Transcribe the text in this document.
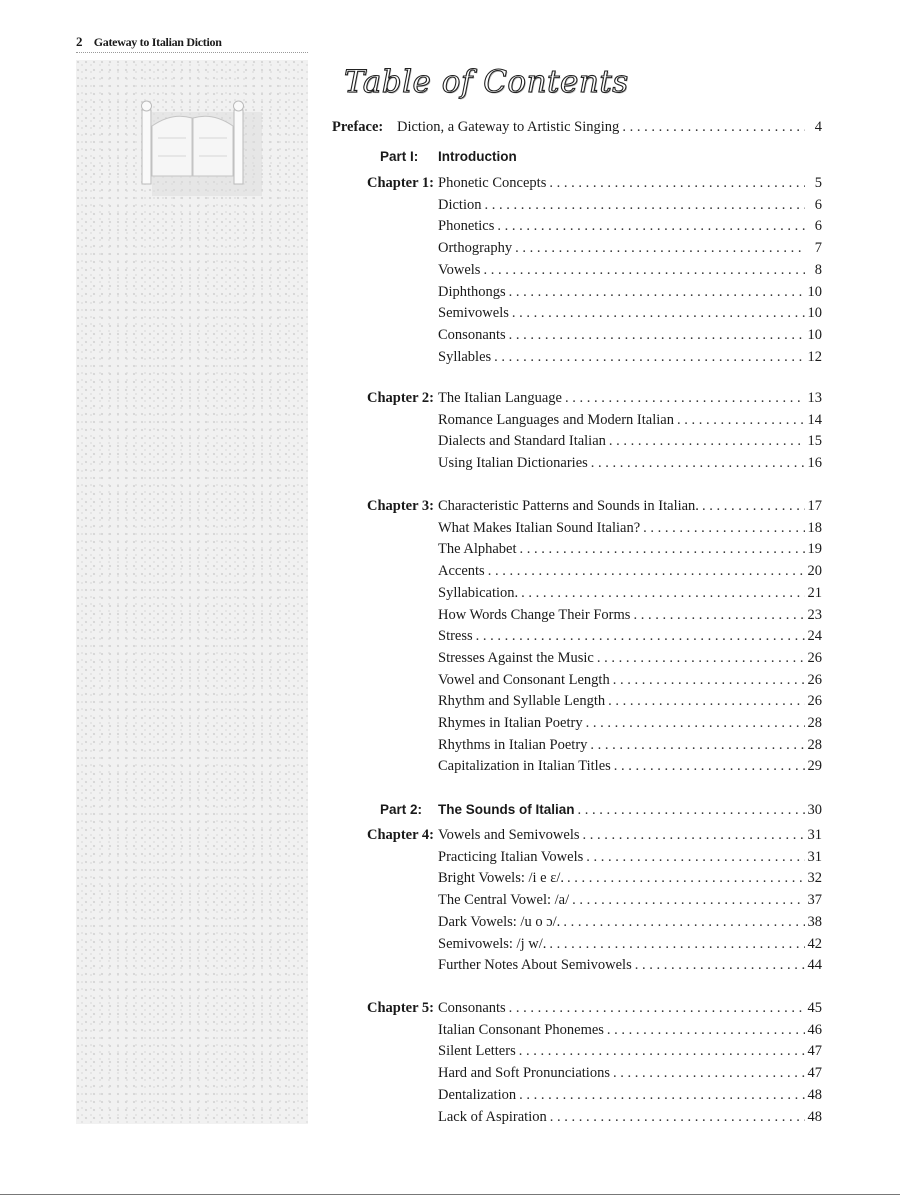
2 Gateway to Italian Diction
Table of Contents
Preface: Diction, a Gateway to Artistic Singing . . .	4
Part I:	Introduction
Part 2:	The Sounds of Italian . . .	30
Chapter 1: Phonetic Concepts . . .	5
Diction . . .	6
Phonetics . . .	6
Orthography . . .	7
Vowels . . .	8
Diphthongs . . .	10
Semivowels . . .	10
Consonants . . .	10
Syllables . . .	12
Chapter 2: The Italian Language . . .	13
Romance Languages and Modern Italian . . .	14
Dialects and Standard Italian . . .	15
Using Italian Dictionaries . . .	16
Chapter 3: Characteristic Patterns and Sounds in Italian. . . .	17
What Makes Italian Sound Italian? . . .	18
The Alphabet . . .	19
Accents . . .	20
Syllabication. . . .	21
How Words Change Their Forms . . .	23
Stress . . .	24
Stresses Against the Music . . .	26
Vowel and Consonant Length . . .	26
Rhythm and Syllable Length . . .	26
Rhymes in Italian Poetry . . .	28
Rhythms in Italian Poetry . . .	28
Capitalization in Italian Titles . . .	29
Chapter 4: Vowels and Semivowels . . .	31
Practicing Italian Vowels . . .	31
Bright Vowels: /i e ɛ/. . . .	32
The Central Vowel: /a/ . . .	37
Dark Vowels: /u o ɔ/. . . .	38
Semivowels: /j w/. . . .	42
Further Notes About Semivowels . . .	44
Chapter 5: Consonants . . .	45
Italian Consonant Phonemes . . .	46
Silent Letters . . .	47
Hard and Soft Pronunciations . . .	47
Dentalization . . .	48
Lack of Aspiration . . .	48
